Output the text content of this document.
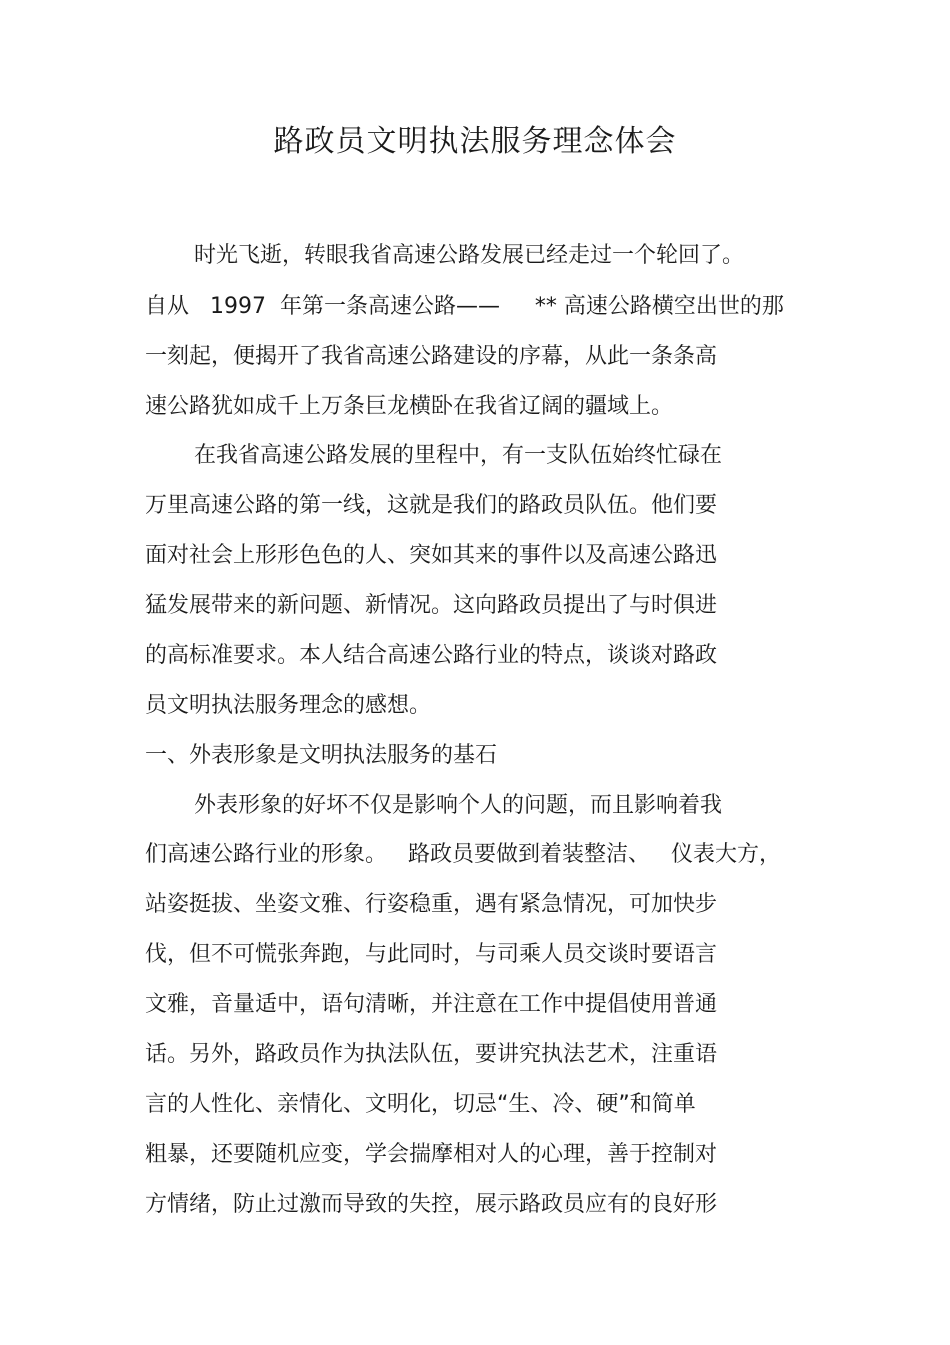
路政员文明执法服务理念体会
时光飞逝，转眼我省高速公路发展已经走过一个轮回了。
自从   1997  年第一条高速公路——     ** 高速公路横空出世的那
一刻起，便揭开了我省高速公路建设的序幕，从此一条条高
速公路犹如成千上万条巨龙横卧在我省辽阔的疆域上。
在我省高速公路发展的里程中，有一支队伍始终忙碌在
万里高速公路的第一线，这就是我们的路政员队伍。他们要
面对社会上形形色色的人、突如其来的事件以及高速公路迅
猛发展带来的新问题、新情况。这向路政员提出了与时俱进
的高标准要求。本人结合高速公路行业的特点，谈谈对路政
员文明执法服务理念的感想。
一、外表形象是文明执法服务的基石
外表形象的好坏不仅是影响个人的问题，而且影响着我
们高速公路行业的形象。   路政员要做到着装整洁、   仪表大方，
站姿挺拔、坐姿文雅、行姿稳重，遇有紧急情况，可加快步
伐，但不可慌张奔跑，与此同时，与司乘人员交谈时要语言
文雅，音量适中，语句清晰，并注意在工作中提倡使用普通
话。另外，路政员作为执法队伍，要讲究执法艺术，注重语
言的人性化、亲情化、文明化，切忌“生、冷、硬”和简单
粗暴，还要随机应变，学会揣摩相对人的心理，善于控制对
方情绪，防止过激而导致的失控，展示路政员应有的良好形
